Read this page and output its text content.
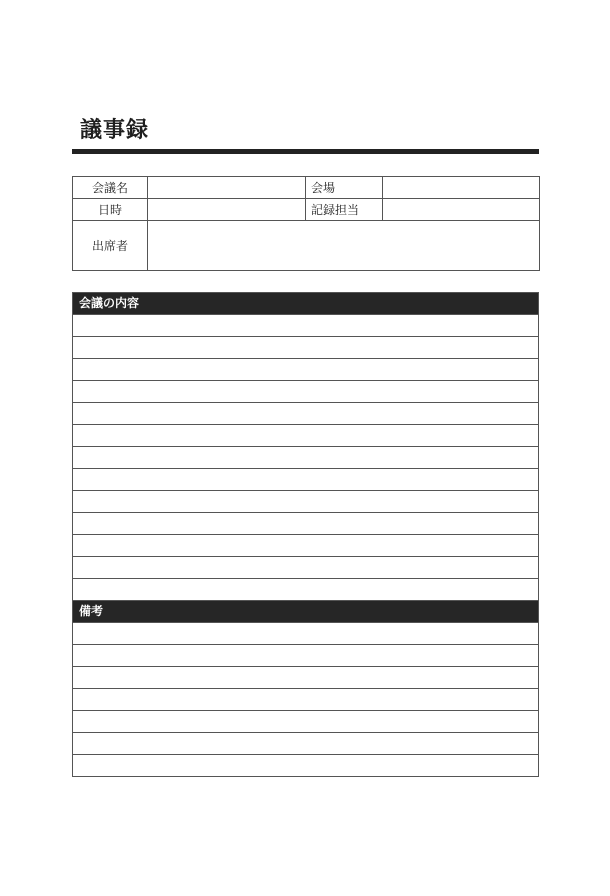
議事録
会議名		会場	
日時		記録担当	
出席者			
会議の内容
備考
